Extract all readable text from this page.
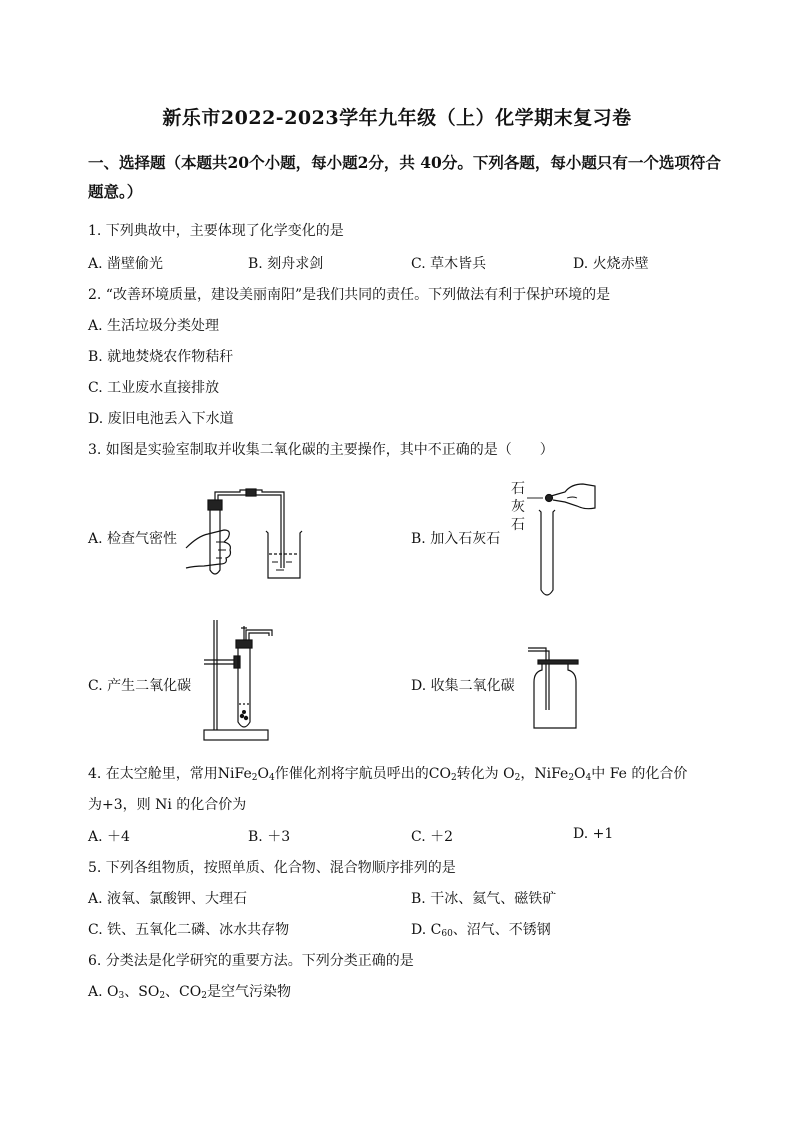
新乐市2022-2023学年九年级（上）化学期末复习卷
一、选择题（本题共20个小题，每小题2分，共 40分。下列各题，每小题只有一个选项符合题意。）
1. 下列典故中，主要体现了化学变化的是
A. 凿壁偷光	B. 刻舟求剑	C. 草木皆兵	D. 火烧赤壁
2. “改善环境质量，建设美丽南阳”是我们共同的责任。下列做法有利于保护环境的是
A. 生活垃圾分类处理
B. 就地焚烧农作物秸秆
C. 工业废水直接排放
D. 废旧电池丢入下水道
3. 如图是实验室制取并收集二氧化碳的主要操作，其中不正确的是（　　）
A. 检查气密性	B. 加入石灰石
C. 产生二氧化碳	D. 收集二氧化碳
石
灰
石
4. 在太空舱里，常用$NiFe_2O_4$作催化剂将宇航员呼出的$CO_2$转化为 $O_2$，$NiFe_2O_4$中 Fe 的化合价
为+3，则 Ni 的化合价为
A. ＋4	B. ＋3	C. ＋2	D. +1
5. 下列各组物质，按照单质、化合物、混合物顺序排列的是
A. 液氧、氯酸钾、大理石	B. 干冰、氦气、磁铁矿
C. 铁、五氧化二磷、冰水共存物	D. $C_{60}$、沼气、不锈钢
6. 分类法是化学研究的重要方法。下列分类正确的是
A. $O_3$、$SO_2$、$CO_2$是空气污染物
